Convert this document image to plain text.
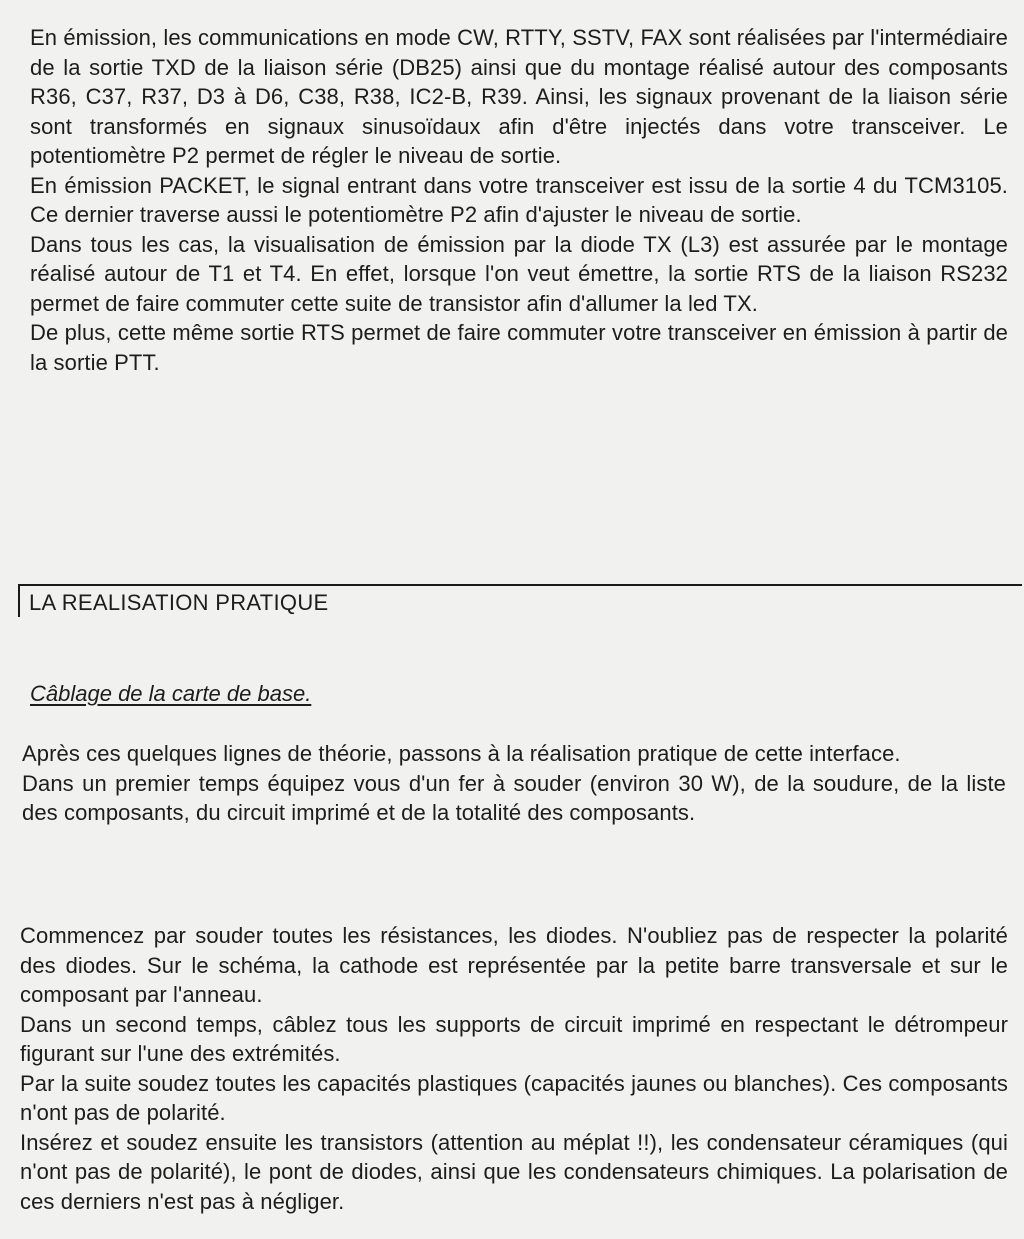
En émission, les communications en mode CW, RTTY, SSTV, FAX sont réalisées par l'intermédiaire de la sortie TXD de la liaison série (DB25) ainsi que du montage réalisé autour des composants R36, C37, R37, D3 à D6, C38, R38, IC2-B, R39. Ainsi, les signaux provenant de la liaison série sont transformés en signaux sinusoïdaux afin d'être injectés dans votre transceiver. Le potentiomètre P2 permet de régler le niveau de sortie.

En émission PACKET, le signal entrant dans votre transceiver est issu de la sortie 4 du TCM3105. Ce dernier traverse aussi le potentiomètre P2 afin d'ajuster le niveau de sortie.

Dans tous les cas, la visualisation de émission par la diode TX (L3) est assurée par le montage réalisé autour de T1 et T4. En effet, lorsque l'on veut émettre, la sortie RTS de la liaison RS232 permet de faire commuter cette suite de transistor afin d'allumer la led TX.

De plus, cette même sortie RTS permet de faire commuter votre transceiver en émission à partir de la sortie PTT.

LA REALISATION PRATIQUE
Câblage de la carte de base.

Après ces quelques lignes de théorie, passons à la réalisation pratique de cette interface.

Dans un premier temps équipez vous d'un fer à souder (environ 30 W), de la soudure, de la liste des composants, du circuit imprimé et de la totalité des composants.

Commencez par souder toutes les résistances, les diodes. N'oubliez pas de respecter la polarité des diodes. Sur le schéma, la cathode est représentée par la petite barre transversale et sur le composant par l'anneau.

Dans un second temps, câblez tous les supports de circuit imprimé en respectant le détrompeur figurant sur l'une des extrémités.

Par la suite soudez toutes les capacités plastiques (capacités jaunes ou blanches). Ces composants n'ont pas de polarité.

Insérez et soudez ensuite les transistors (attention au méplat !!), les condensateur céramiques (qui n'ont pas de polarité), le pont de diodes, ainsi que les condensateurs chimiques. La polarisation de ces derniers n'est pas à négliger.
